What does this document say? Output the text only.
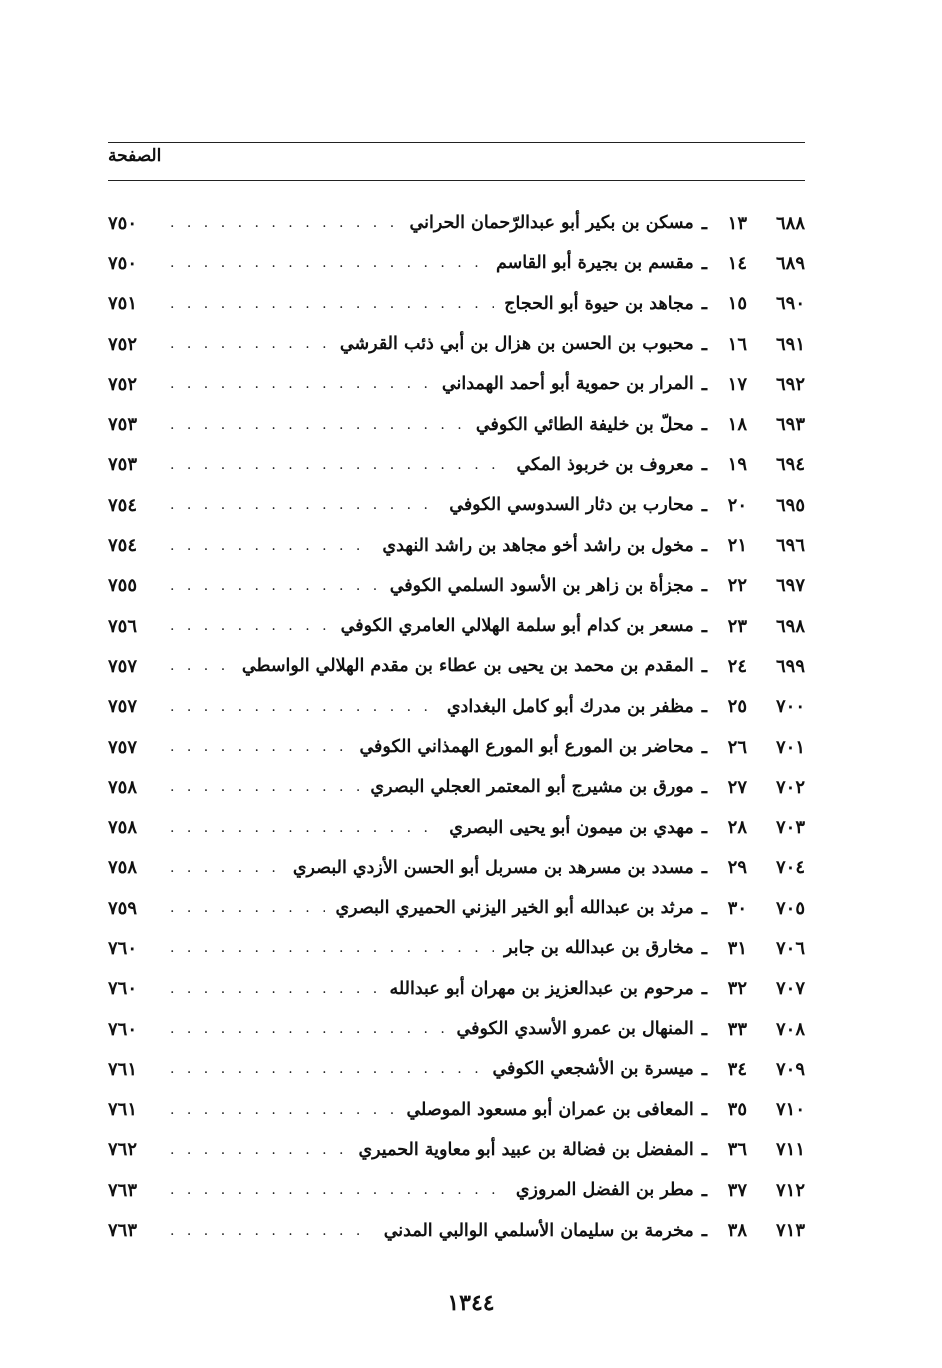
الصفحة
٦٨٨
١٣
ـ
مسكن بن بكير أبو عبدالرّحمان الحراني
. . .
٧٥٠
٦٨٩
١٤
ـ
مقسم بن بجيرة أبو القاسم
. . .
٧٥٠
٦٩٠
١٥
ـ
مجاهد بن حيوة أبو الحجاج
. . .
٧٥١
٦٩١
١٦
ـ
محبوب بن الحسن بن هزال بن أبي ذئب القرشي
. . .
٧٥٢
٦٩٢
١٧
ـ
المرار بن حموية أبو أحمد الهمداني
. . .
٧٥٢
٦٩٣
١٨
ـ
محلّ بن خليفة الطائي الكوفي
. . .
٧٥٣
٦٩٤
١٩
ـ
معروف بن خربوذ المكي
. . .
٧٥٣
٦٩٥
٢٠
ـ
محارب بن دثار السدوسي الكوفي
. . .
٧٥٤
٦٩٦
٢١
ـ
مخول بن راشد أخو مجاهد بن راشد النهدي
. . .
٧٥٤
٦٩٧
٢٢
ـ
مجزأة بن زاهر بن الأسود السلمي الكوفي
. . .
٧٥٥
٦٩٨
٢٣
ـ
مسعر بن كدام أبو سلمة الهلالي العامري الكوفي
. . .
٧٥٦
٦٩٩
٢٤
ـ
المقدم بن محمد بن يحيى بن عطاء بن مقدم الهلالي الواسطي
. . .
٧٥٧
٧٠٠
٢٥
ـ
مظفر بن مدرك أبو كامل البغدادي
. . .
٧٥٧
٧٠١
٢٦
ـ
محاضر بن المورع أبو المورع الهمذاني الكوفي
. . .
٧٥٧
٧٠٢
٢٧
ـ
مورق بن مشيرج أبو المعتمر العجلي البصري
. . .
٧٥٨
٧٠٣
٢٨
ـ
مهدي بن ميمون أبو يحيى البصري
. . .
٧٥٨
٧٠٤
٢٩
ـ
مسدد بن مسرهد بن مسربل أبو الحسن الأزدي البصري
. . .
٧٥٨
٧٠٥
٣٠
ـ
مرثد بن عبدالله أبو الخير اليزني الحميري البصري
. . .
٧٥٩
٧٠٦
٣١
ـ
مخارق بن عبدالله بن جابر
. . .
٧٦٠
٧٠٧
٣٢
ـ
مرحوم بن عبدالعزيز بن مهران أبو عبدالله
. . .
٧٦٠
٧٠٨
٣٣
ـ
المنهال بن عمرو الأسدي الكوفي
. . .
٧٦٠
٧٠٩
٣٤
ـ
ميسرة بن الأشجعي الكوفي
. . .
٧٦١
٧١٠
٣٥
ـ
المعافى بن عمران أبو مسعود الموصلي
. . .
٧٦١
٧١١
٣٦
ـ
المفضل بن فضالة بن عبيد أبو معاوية الحميري
. . .
٧٦٢
٧١٢
٣٧
ـ
مطر بن الفضل المروزي
. . .
٧٦٣
٧١٣
٣٨
ـ
مخرمة بن سليمان الأسلمي الوالبي المدني
. . .
٧٦٣
١٣٤٤
